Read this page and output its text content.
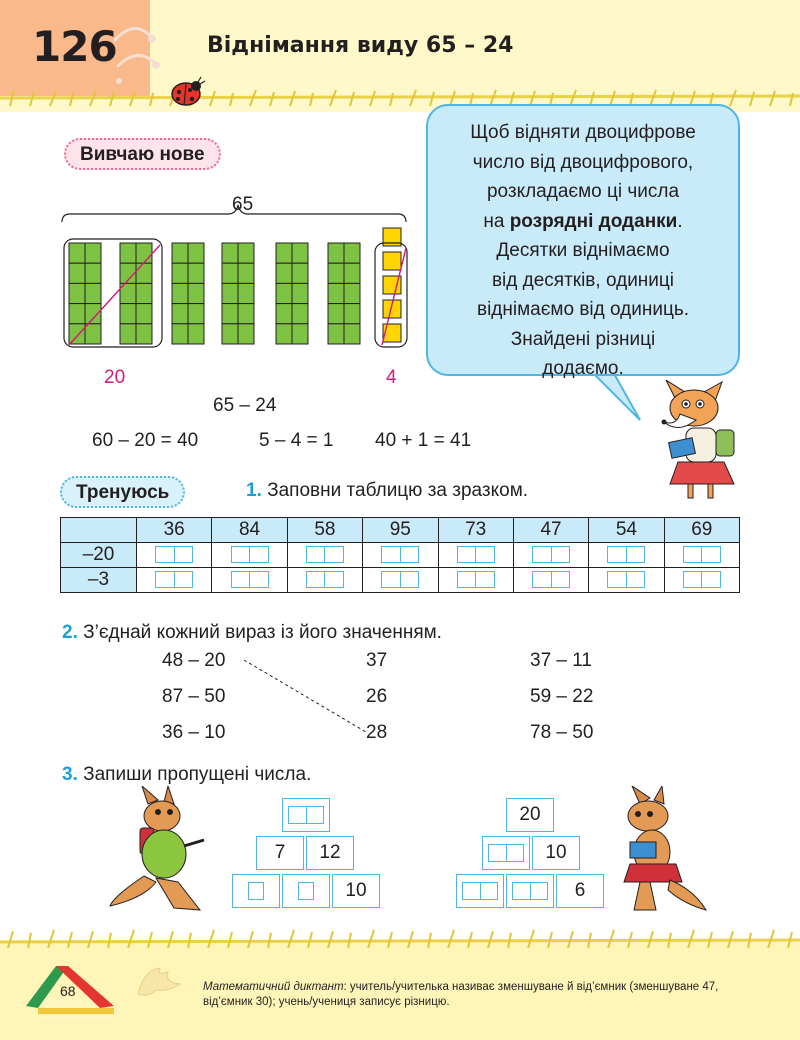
126	Віднімання виду 65 – 24
Вивчаю нове
65
20	4
65 – 24
60 – 20 = 40	5 – 4 = 1 40 + 1 = 41
Щоб відняти двоцифрове
число від двоцифрового,
розкладаємо ці числа
на розрядні доданки.
Десятки віднімаємо
від десятків, одиниці
віднімаємо від одиниць.
Знайдені різниці
додаємо.
Тренуюсь	1. Заповни таблицю за зразком.
	36	84	58	95	73	47	54	69
–20	

–3	

2. З’єднай кожний вираз із його значенням.
48 – 20
87 – 50
36 – 10
37
26
28
37 – 11
59 – 22
78 – 50
3. Запиши пропущені числа.
7	12
10
20
10
6
68	Математичний диктант: учитель/учителька називає зменшуване й від’ємник (зменшуване 47, від’ємник 30); учень/учениця записує різницю.
